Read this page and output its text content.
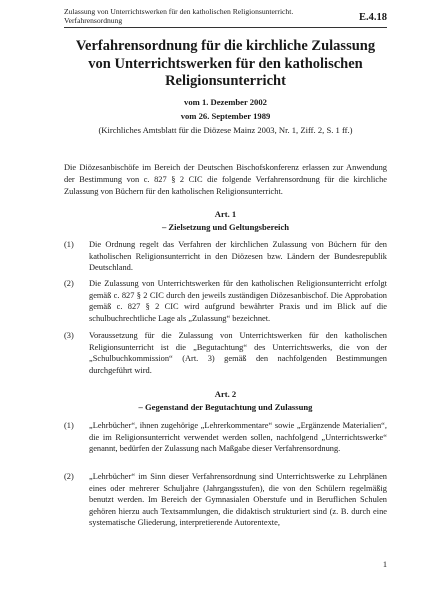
Zulassung von Unterrichtswerken für den katholischen Religionsunterricht.
Verfahrensordnung	E.4.18
Verfahrensordnung für die kirchliche Zulassung
von Unterrichtswerken für den katholischen
Religionsunterricht
vom 1. Dezember 2002
vom 26. September 1989
(Kirchliches Amtsblatt für die Diözese Mainz 2003, Nr. 1, Ziff. 2, S. 1 ff.)
Die Diözesanbischöfe im Bereich der Deutschen Bischofskonferenz erlassen zur Anwendung der Bestimmung von c. 827 § 2 CIC die folgende Verfahrensordnung für die kirchliche Zulassung von Büchern für den katholischen Religionsunterricht.
Art. 1
– Zielsetzung und Geltungsbereich
(1) Die Ordnung regelt das Verfahren der kirchlichen Zulassung von Büchern für den katholischen Religionsunterricht in den Diözesen bzw. Ländern der Bundesrepublik Deutschland.
(2) Die Zulassung von Unterrichtswerken für den katholischen Religionsunterricht erfolgt gemäß c. 827 § 2 CIC durch den jeweils zuständigen Diözesanbischof. Die Approbation gemäß c. 827 § 2 CIC wird aufgrund bewährter Praxis und im Blick auf die schulbuchrechtliche Lage als „Zulassung“ bezeichnet.
(3) Voraussetzung für die Zulassung von Unterrichtswerken für den katholischen Religionsunterricht ist die „Begutachtung“ des Unterrichtswerks, die von der „Schulbuchkommission“ (Art. 3) gemäß den nachfolgenden Bestimmungen durchgeführt wird.
Art. 2
– Gegenstand der Begutachtung und Zulassung
(1) „Lehrbücher“, ihnen zugehörige „Lehrerkommentare“ sowie „Ergänzende Materialien“, die im Religionsunterricht verwendet werden sollen, nachfolgend „Unterrichtswerke“ genannt, bedürfen der Zulassung nach Maßgabe dieser Verfahrensordnung.
(2) „Lehrbücher“ im Sinn dieser Verfahrensordnung sind Unterrichtswerke zu Lehrplänen eines oder mehrerer Schuljahre (Jahrgangsstufen), die von den Schülern regelmäßig benutzt werden. Im Bereich der Gymnasialen Oberstufe und in Beruflichen Schulen gehören hierzu auch Textsammlungen, die didaktisch strukturiert sind (z. B. durch eine systematische Gliederung, interpretierende Autorentexte,
1
